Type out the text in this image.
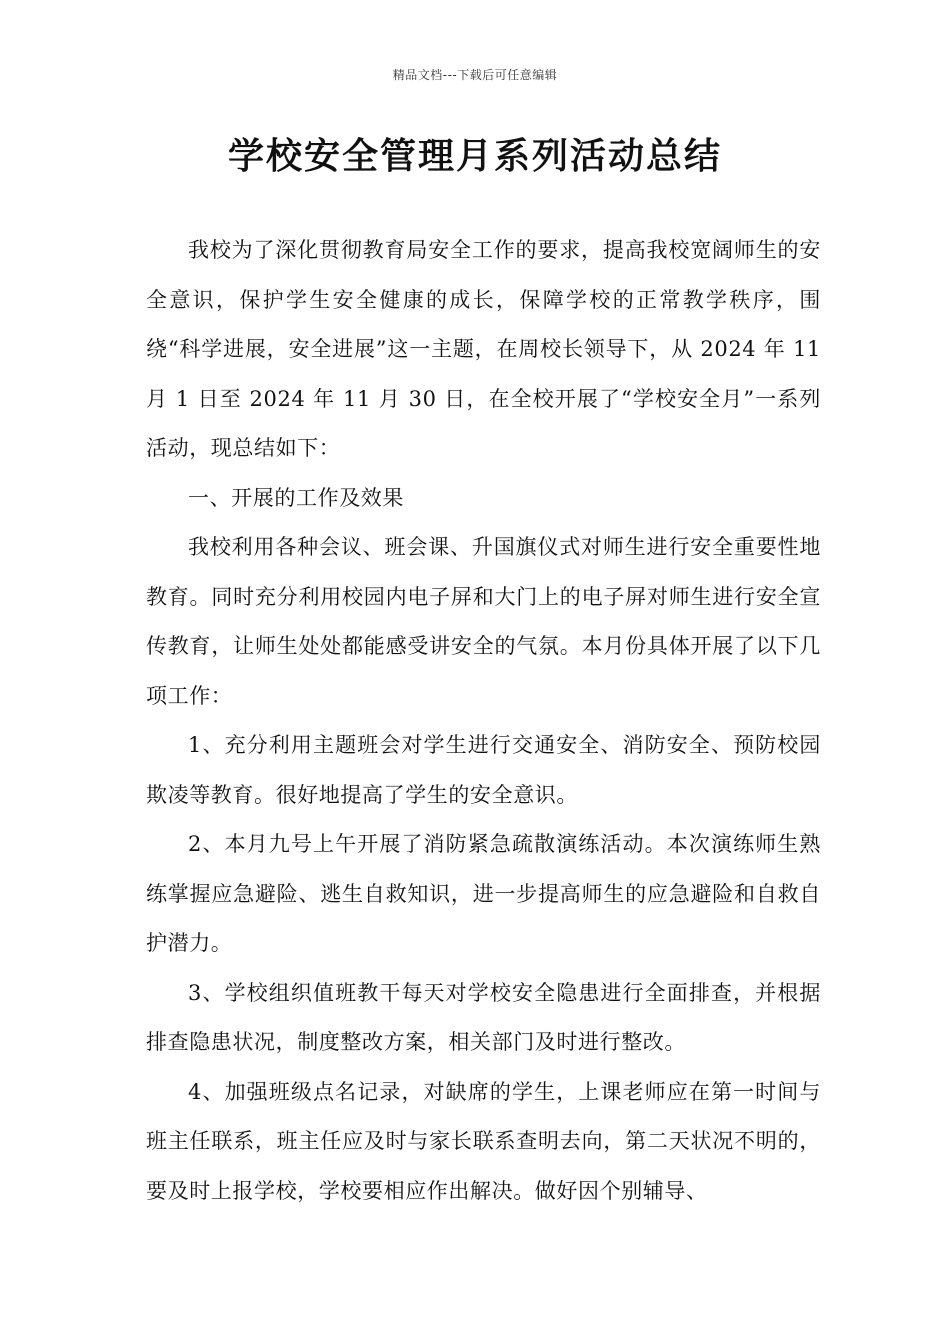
精品文档---下载后可任意编辑
学校安全管理月系列活动总结

我校为了深化贯彻教育局安全工作的要求，提高我校宽阔师生的安全意识，保护学生安全健康的成长，保障学校的正常教学秩序，围绕“科学进展，安全进展”这一主题，在周校长领导下，从 2024 年 11 月 1 日至 2024 年 11 月 30 日，在全校开展了“学校安全月”一系列活动，现总结如下：

一、开展的工作及效果

我校利用各种会议、班会课、升国旗仪式对师生进行安全重要性地教育。同时充分利用校园内电子屏和大门上的电子屏对师生进行安全宣传教育，让师生处处都能感受讲安全的气氛。本月份具体开展了以下几项工作：

1、充分利用主题班会对学生进行交通安全、消防安全、预防校园欺凌等教育。很好地提高了学生的安全意识。

2、本月九号上午开展了消防紧急疏散演练活动。本次演练师生熟练掌握应急避险、逃生自救知识，进一步提高师生的应急避险和自救自护潜力。

3、学校组织值班教干每天对学校安全隐患进行全面排查，并根据排查隐患状况，制度整改方案，相关部门及时进行整改。

4、加强班级点名记录，对缺席的学生，上课老师应在第一时间与班主任联系，班主任应及时与家长联系查明去向，第二天状况不明的，要及时上报学校，学校要相应作出解决。做好因个别辅导、
